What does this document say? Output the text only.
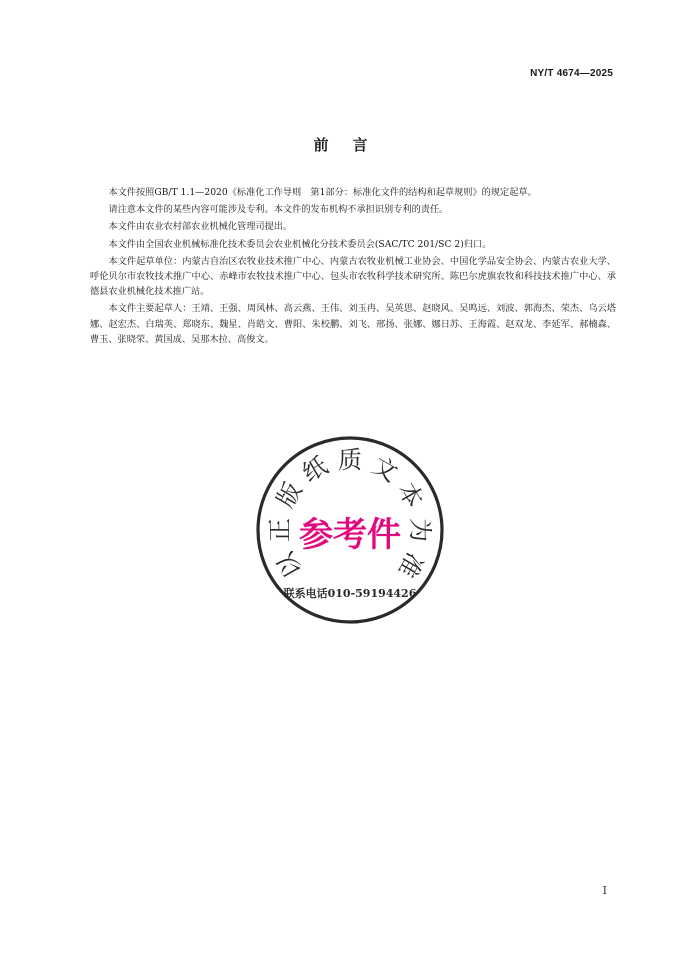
NY/T 4674—2025
前言

本文件按照GB/T 1.1—2020《标准化工作导则　第1部分：标准化文件的结构和起草规则》的规定起草。

请注意本文件的某些内容可能涉及专利。本文件的发布机构不承担识别专利的责任。

本文件由农业农村部农业机械化管理司提出。

本文件由全国农业机械标准化技术委员会农业机械化分技术委员会(SAC/TC 201/SC 2)归口。

本文件起草单位：内蒙古自治区农牧业技术推广中心、内蒙古农牧业机械工业协会、中国化学品安全协会、内蒙古农业大学、呼伦贝尔市农牧技术推广中心、赤峰市农牧技术推广中心、包头市农牧科学技术研究所、陈巴尔虎旗农牧和科技技术推广中心、承德县农业机械化技术推广站。

本文件主要起草人：王靖、王强、周风林、高云燕、王伟、刘玉冉、吴英思、赵晓风、吴鸣远、刘波、郭海杰、荣杰、乌云塔娜、赵宏杰、白瑞英、郑晓东、魏星、肖皓文、曹阳、朱校鹏、刘飞、邢扬、张娜、娜日苏、王海霞、赵双龙、李延军、郝楠森、曹玉、张晓荣、黄国成、吴那木拉、高俊文。

以
正
版
纸 质 文
本
为
准
参考件
联系电话010-59194426
I
